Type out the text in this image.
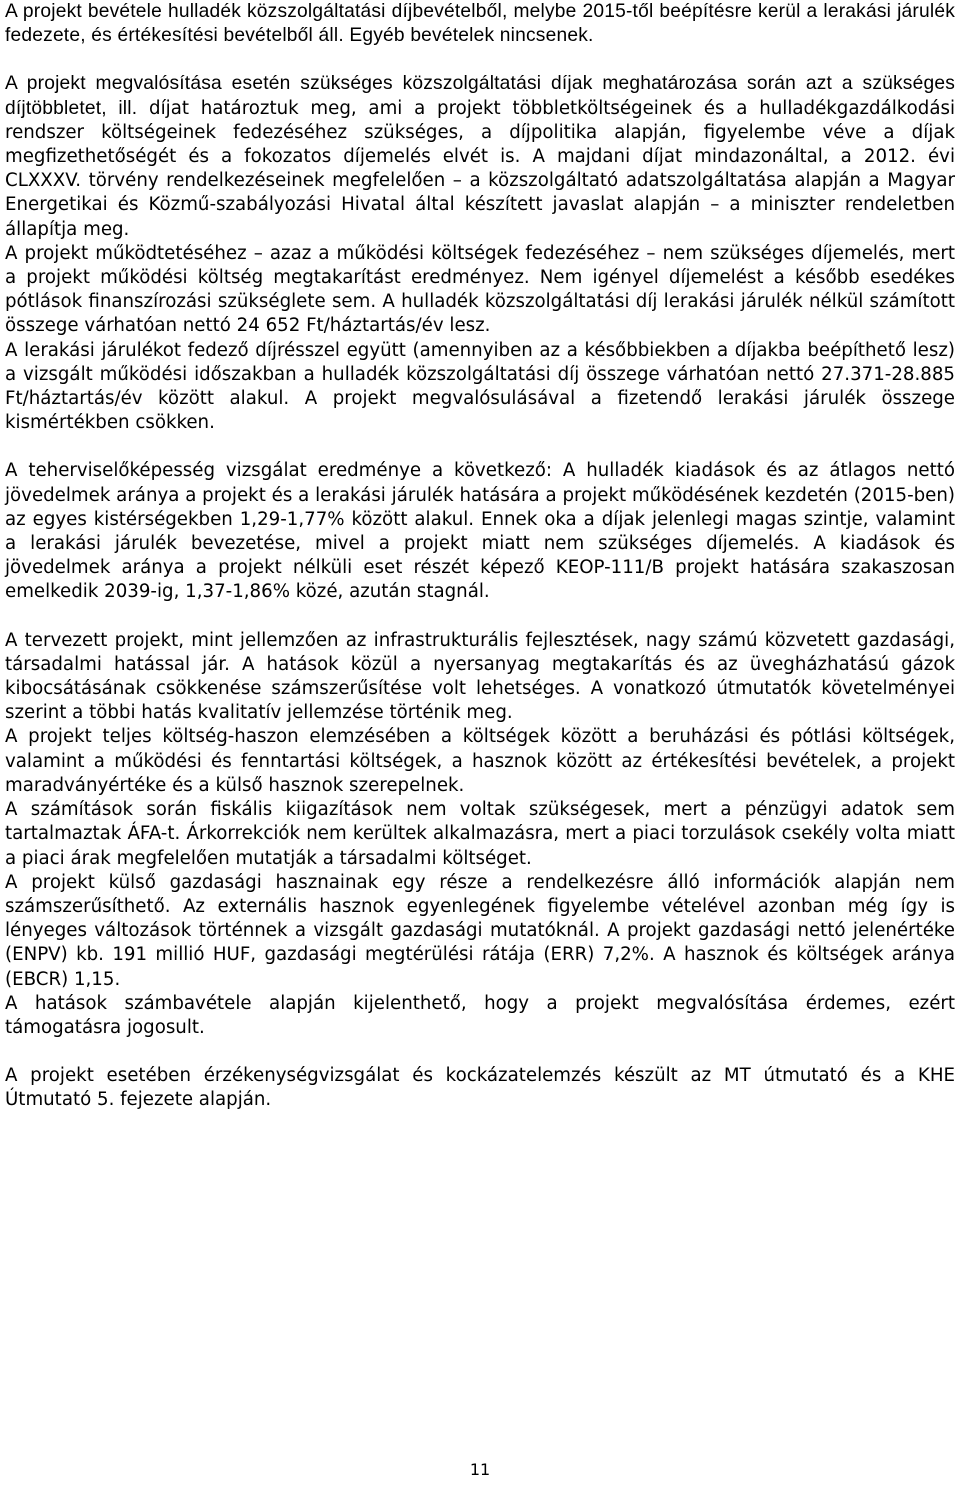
A projekt bevétele hulladék közszolgáltatási díjbevételből, melybe 2015-től beépítésre kerül a lerakási járulék fedezete, és értékesítési bevételből áll. Egyéb bevételek nincsenek.

A projekt megvalósítása esetén szükséges közszolgáltatási díjak meghatározása során azt a szükséges díjtöbbletet, ill. díjat határoztuk meg, ami a projekt többletköltségeinek és a hulladékgazdálkodási rendszer költségeinek fedezéséhez szükséges, a díjpolitika alapján, figyelembe véve a díjak megfizethetőségét és a fokozatos díjemelés elvét is. A majdani díjat mindazonáltal, a 2012. évi CLXXXV. törvény rendelkezéseinek megfelelően – a közszolgáltató adatszolgáltatása alapján a Magyar Energetikai és Közmű-szabályozási Hivatal által készített javaslat alapján – a miniszter rendeletben állapítja meg.

A projekt működtetéséhez – azaz a működési költségek fedezéséhez – nem szükséges díjemelés, mert a projekt működési költség megtakarítást eredményez. Nem igényel díjemelést a később esedékes pótlások finanszírozási szükséglete sem. A hulladék közszolgáltatási díj lerakási járulék nélkül számított összege várhatóan nettó 24 652 Ft/háztartás/év lesz.

A lerakási járulékot fedező díjrésszel együtt (amennyiben az a későbbiekben a díjakba beépíthető lesz) a vizsgált működési időszakban a hulladék közszolgáltatási díj összege várhatóan nettó 27.371-28.885 Ft/háztartás/év között alakul. A projekt megvalósulásával a fizetendő lerakási járulék összege kismértékben csökken.

A teherviselőképesség vizsgálat eredménye a következő: A hulladék kiadások és az átlagos nettó jövedelmek aránya a projekt és a lerakási járulék hatására a projekt működésének kezdetén (2015-ben) az egyes kistérségekben 1,29-1,77% között alakul. Ennek oka a díjak jelenlegi magas szintje, valamint a lerakási járulék bevezetése, mivel a projekt miatt nem szükséges díjemelés. A kiadások és jövedelmek aránya a projekt nélküli eset részét képező KEOP-111/B projekt hatására szakaszosan emelkedik 2039-ig, 1,37-1,86% közé, azután stagnál.

A tervezett projekt, mint jellemzően az infrastrukturális fejlesztések, nagy számú közvetett gazdasági, társadalmi hatással jár. A hatások közül a nyersanyag megtakarítás és az üvegházhatású gázok kibocsátásának csökkenése számszerűsítése volt lehetséges. A vonatkozó útmutatók követelményei szerint a többi hatás kvalitatív jellemzése történik meg.

A projekt teljes költség-haszon elemzésében a költségek között a beruházási és pótlási költségek, valamint a működési és fenntartási költségek, a hasznok között az értékesítési bevételek, a projekt maradványértéke és a külső hasznok szerepelnek.

A számítások során fiskális kiigazítások nem voltak szükségesek, mert a pénzügyi adatok sem tartalmaztak ÁFA-t. Árkorrekciók nem kerültek alkalmazásra, mert a piaci torzulások csekély volta miatt a piaci árak megfelelően mutatják a társadalmi költséget.

A projekt külső gazdasági hasznainak egy része a rendelkezésre álló információk alapján nem számszerűsíthető. Az externális hasznok egyenlegének figyelembe vételével azonban még így is lényeges változások történnek a vizsgált gazdasági mutatóknál. A projekt gazdasági nettó jelenértéke (ENPV) kb. 191 millió HUF, gazdasági megtérülési rátája (ERR) 7,2%. A hasznok és költségek aránya (EBCR) 1,15.

A hatások számbavétele alapján kijelenthető, hogy a projekt megvalósítása érdemes, ezért támogatásra jogosult.

A projekt esetében érzékenységvizsgálat és kockázatelemzés készült az MT útmutató és a KHE Útmutató 5. fejezete alapján.

11
